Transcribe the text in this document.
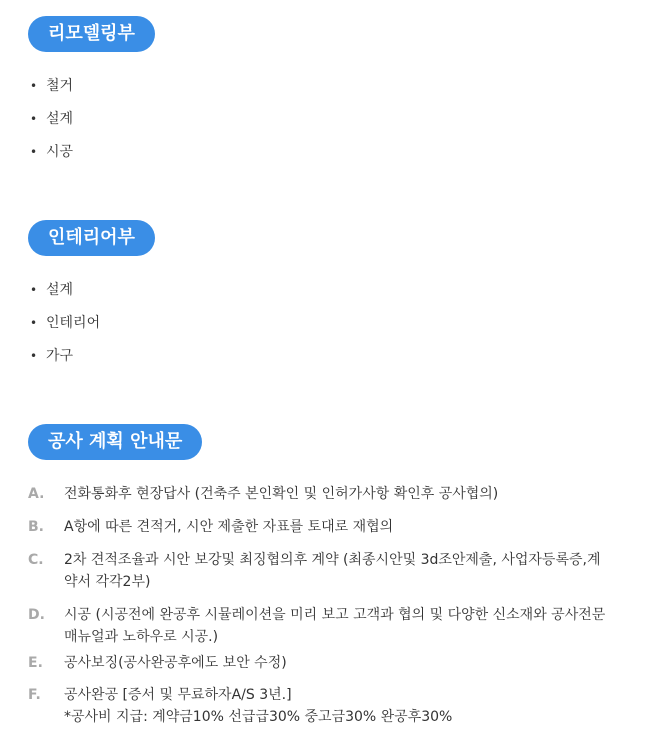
리모델링부
• 철거
• 설계
• 시공
인테리어부
• 설계
• 인테리어
• 가구
공사 계획 안내문
A.	전화통화후 현장답사 (건축주 본인확인 및 인허가사항 확인후 공사협의)
B.	A항에 따른 견적거, 시안 제출한 자표를 토대로 재협의
C.	2차 견적조율과 시안 보강및 최징협의후 계약 (최종시안및 3d조안제출, 사업자등록증,계
약서 각각2부)
D.	시공 (시공전에 완공후 시뮬레이션을 미리 보고 고객과 협의 및 다양한 신소재와 공사전문
매뉴얼과 노하우로 시공.)
E.	공사보징(공사완공후에도 보안 수정)
F.	공사완공 [증서 및 무료하자A/S 3년.]
*공사비 지급: 계약금10% 선급급30% 중고금30% 완공후30%
